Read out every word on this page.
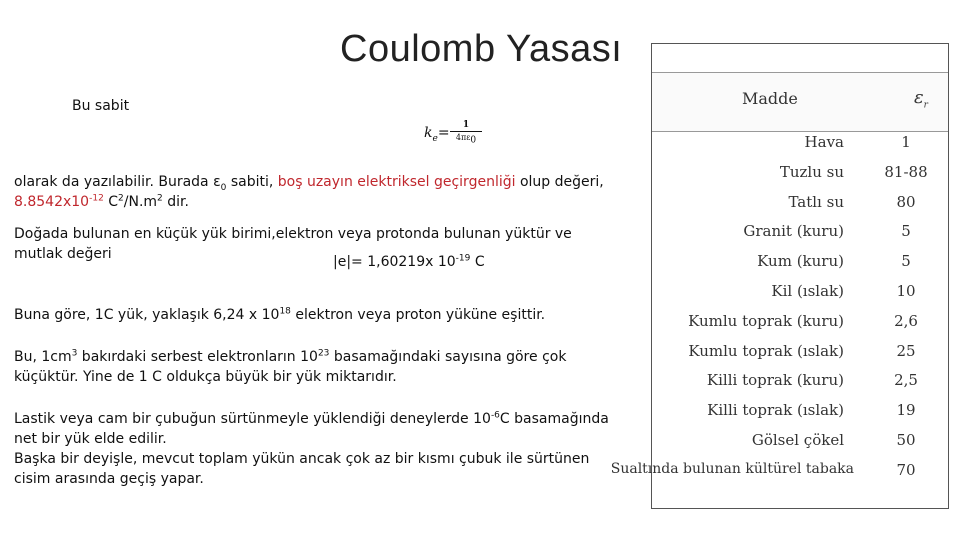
Coulomb Yasası
Bu sabit
$k_e=$	1
$4\pi\varepsilon_0$
olarak da yazılabilir. Burada $\varepsilon_0$ sabiti, boş uzayın elektriksel geçirgenliği olup değeri,
$8.8542x10^{-12}$ $C^2/N.m^2$ dir.
Doğada bulunan en küçük yük birimi,elektron veya protonda bulunan yüktür ve
mutlak değeri	|e|= 1,60219x $10^{-19}$ C
Buna göre, 1C yük, yaklaşık 6,24 x $10^{18}$ elektron veya proton yüküne eşittir.
Bu, $1cm^3$ bakırdaki serbest elektronların $10^{23}$ basamağındaki sayısına göre çok
küçüktür. Yine de 1 C oldukça büyük bir yük miktarıdır.
Lastik veya cam bir çubuğun sürtünmeyle yüklendiği deneylerde $10^{-6}C$ basamağında
net bir yük elde edilir.
Başka bir deyişle, mevcut toplam yükün ancak çok az bir kısmı çubuk ile sürtünen
cisim arasında geçiş yapar.
Madde	$\varepsilon_r$
Hava	1
Tuzlu su	81-88
Tatlı su	80
Granit (kuru)	5
Kum (kuru)	5
Kil (ıslak)	10
Kumlu toprak (kuru)	2,6
Kumlu toprak (ıslak)	25
Killi toprak (kuru)	2,5
Killi toprak (ıslak)	19
Gölsel çökel	50
Sualtında bulunan kültürel tabaka	70
